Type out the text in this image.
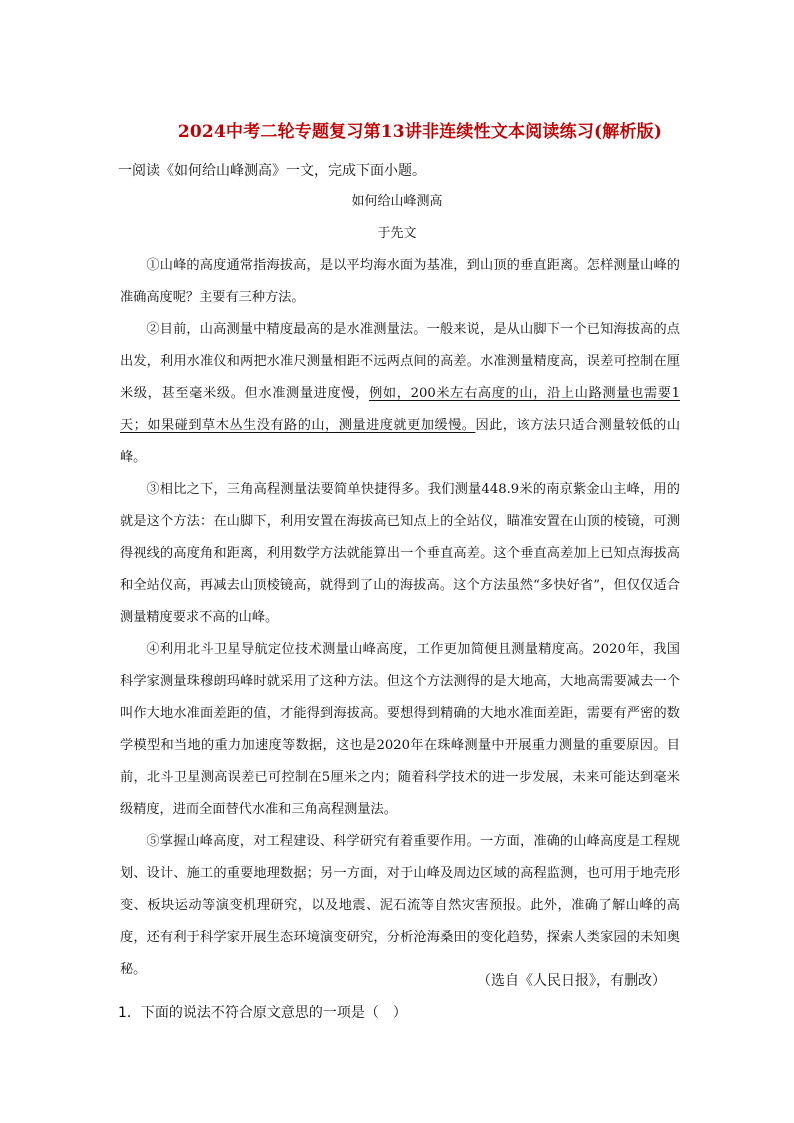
2024中考二轮专题复习第13讲非连续性文本阅读练习(解析版)
一阅读《如何给山峰测高》一文，完成下面小题。
如何给山峰测高
于先文

①山峰的高度通常指海拔高，是以平均海水面为基准，到山顶的垂直距离。怎样测量山峰的准确高度呢？主要有三种方法。

②目前，山高测量中精度最高的是水准测量法。一般来说，是从山脚下一个已知海拔高的点出发，利用水准仪和两把水准尺测量相距不远两点间的高差。水准测量精度高，误差可控制在厘米级，甚至毫米级。但水准测量进度慢，例如，200米左右高度的山，沿上山路测量也需要1天；如果碰到草木丛生没有路的山，测量进度就更加缓慢。因此，该方法只适合测量较低的山峰。

③相比之下，三角高程测量法要简单快捷得多。我们测量448.9米的南京紫金山主峰，用的就是这个方法：在山脚下，利用安置在海拔高已知点上的全站仪，瞄准安置在山顶的棱镜，可测得视线的高度角和距离，利用数学方法就能算出一个垂直高差。这个垂直高差加上已知点海拔高和全站仪高，再减去山顶棱镜高，就得到了山的海拔高。这个方法虽然“多快好省”，但仅仅适合测量精度要求不高的山峰。

④利用北斗卫星导航定位技术测量山峰高度，工作更加简便且测量精度高。2020年，我国科学家测量珠穆朗玛峰时就采用了这种方法。但这个方法测得的是大地高，大地高需要减去一个叫作大地水准面差距的值，才能得到海拔高。要想得到精确的大地水准面差距，需要有严密的数学模型和当地的重力加速度等数据，这也是2020年在珠峰测量中开展重力测量的重要原因。目前，北斗卫星测高误差已可控制在5厘米之内；随着科学技术的进一步发展，未来可能达到毫米级精度，进而全面替代水准和三角高程测量法。

⑤掌握山峰高度，对工程建设、科学研究有着重要作用。一方面，准确的山峰高度是工程规划、设计、施工的重要地理数据；另一方面，对于山峰及周边区域的高程监测，也可用于地壳形变、板块运动等演变机理研究，以及地震、泥石流等自然灾害预报。此外，准确了解山峰的高度，还有利于科学家开展生态环境演变研究，分析沧海桑田的变化趋势，探索人类家园的未知奥秘。

（选自《人民日报》，有删改）
1．下面的说法不符合原文意思的一项是（　）
